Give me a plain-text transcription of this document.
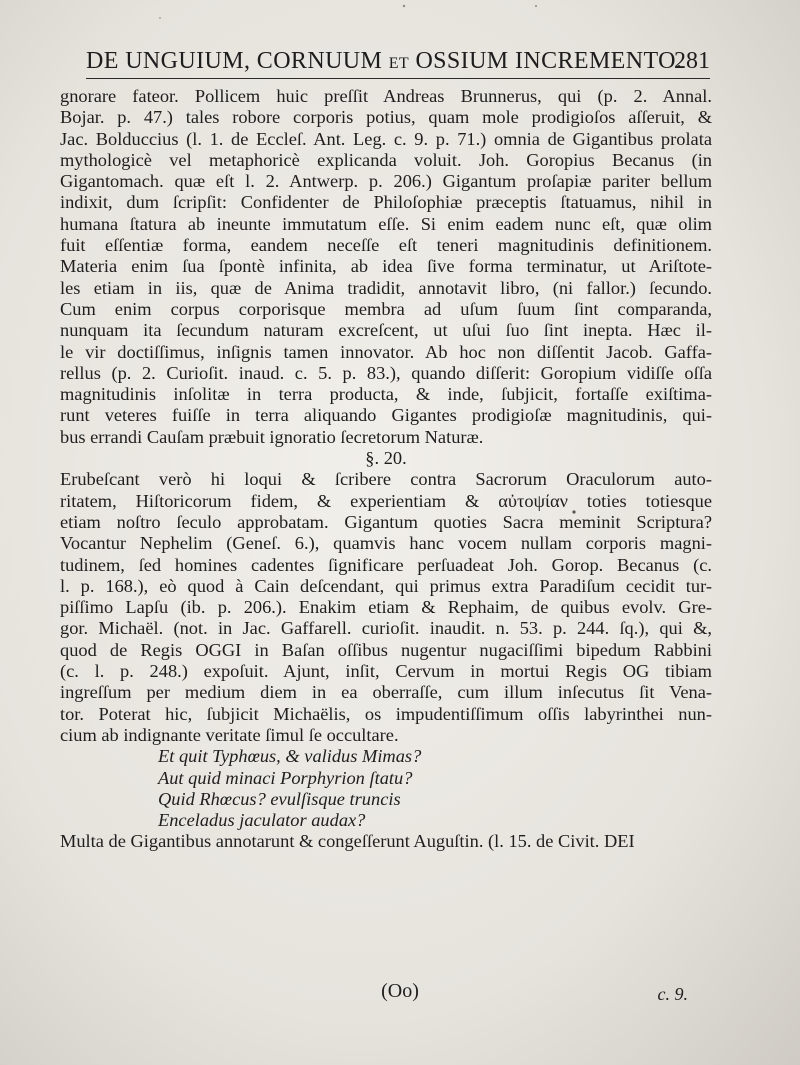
DE UNGUIUM, CORNUUM ET OSSIUM INCREMENTO.
281
gnorare fateor. Pollicem huic preſſit Andreas Brunnerus, qui (p. 2. Annal.
Bojar. p. 47.) tales robore corporis potius, quam mole prodigioſos aſſeruit, &
Jac. Bolduccius (l. 1. de Eccleſ. Ant. Leg. c. 9. p. 71.) omnia de Gigantibus prolata
mythologicè vel metaphoricè explicanda voluit. Joh. Goropius Becanus (in
Gigantomach. quæ eſt l. 2. Antwerp. p. 206.) Gigantum proſapiæ pariter bellum
indixit, dum ſcripſit: Confidenter de Philoſophiæ præceptis ſtatuamus, nihil in
humana ſtatura ab ineunte immutatum eſſe. Si enim eadem nunc eſt, quæ olim
fuit eſſentiæ forma, eandem neceſſe eſt teneri magnitudinis definitionem.
Materia enim ſua ſpontè infinita, ab idea ſive forma terminatur, ut Ariſtote-
les etiam in iis, quæ de Anima tradidit, annotavit libro, (ni fallor.) ſecundo.
Cum enim corpus corporisque membra ad uſum ſuum ſint comparanda,
nunquam ita ſecundum naturam excreſcent, ut uſui ſuo ſint inepta. Hæc il-
le vir doctiſſimus, inſignis tamen innovator. Ab hoc non diſſentit Jacob. Gaffa-
rellus (p. 2. Curioſit. inaud. c. 5. p. 83.), quando diſſerit: Goropium vidiſſe oſſa
magnitudinis inſolitæ in terra producta, & inde, ſubjicit, fortaſſe exiſtima-
runt veteres fuiſſe in terra aliquando Gigantes prodigioſæ magnitudinis, qui-
bus errandi Cauſam præbuit ignoratio ſecretorum Naturæ.
§. 20.
Erubeſcant verò hi loqui & ſcribere contra Sacrorum Oraculorum auto-
ritatem, Hiſtoricorum fidem, & experientiam & αὐτοψίαν toties totiesque
etiam noſtro ſeculo approbatam. Gigantum quoties Sacra meminit Scriptura?
Vocantur Nephelim (Geneſ. 6.), quamvis hanc vocem nullam corporis magni-
tudinem, ſed homines cadentes ſignificare perſuadeat Joh. Gorop. Becanus (c.
l. p. 168.), eò quod à Cain deſcendant, qui primus extra Paradiſum cecidit tur-
piſſimo Lapſu (ib. p. 206.). Enakim etiam & Rephaim, de quibus evolv. Gre-
gor. Michaël. (not. in Jac. Gaffarell. curioſit. inaudit. n. 53. p. 244. ſq.), qui &,
quod de Regis OGGI in Baſan oſſibus nugentur nugaciſſimi bipedum Rabbini
(c. l. p. 248.) expoſuit. Ajunt, inſit, Cervum in mortui Regis OG tibiam
ingreſſum per medium diem in ea oberraſſe, cum illum inſecutus ſit Vena-
tor. Poterat hic, ſubjicit Michaëlis, os impudentiſſimum oſſis labyrinthei nun-
cium ab indignante veritate ſimul ſe occultare.
Et quit Typhœus, & validus Mimas?
Aut quid minaci Porphyrion ſtatu?
Quid Rhœcus? evulſisque truncis
Enceladus jaculator audax?
Multa de Gigantibus annotarunt & congeſſerunt Auguſtin. (l. 15. de Civit. DEI
(Oo)	c. 9.
